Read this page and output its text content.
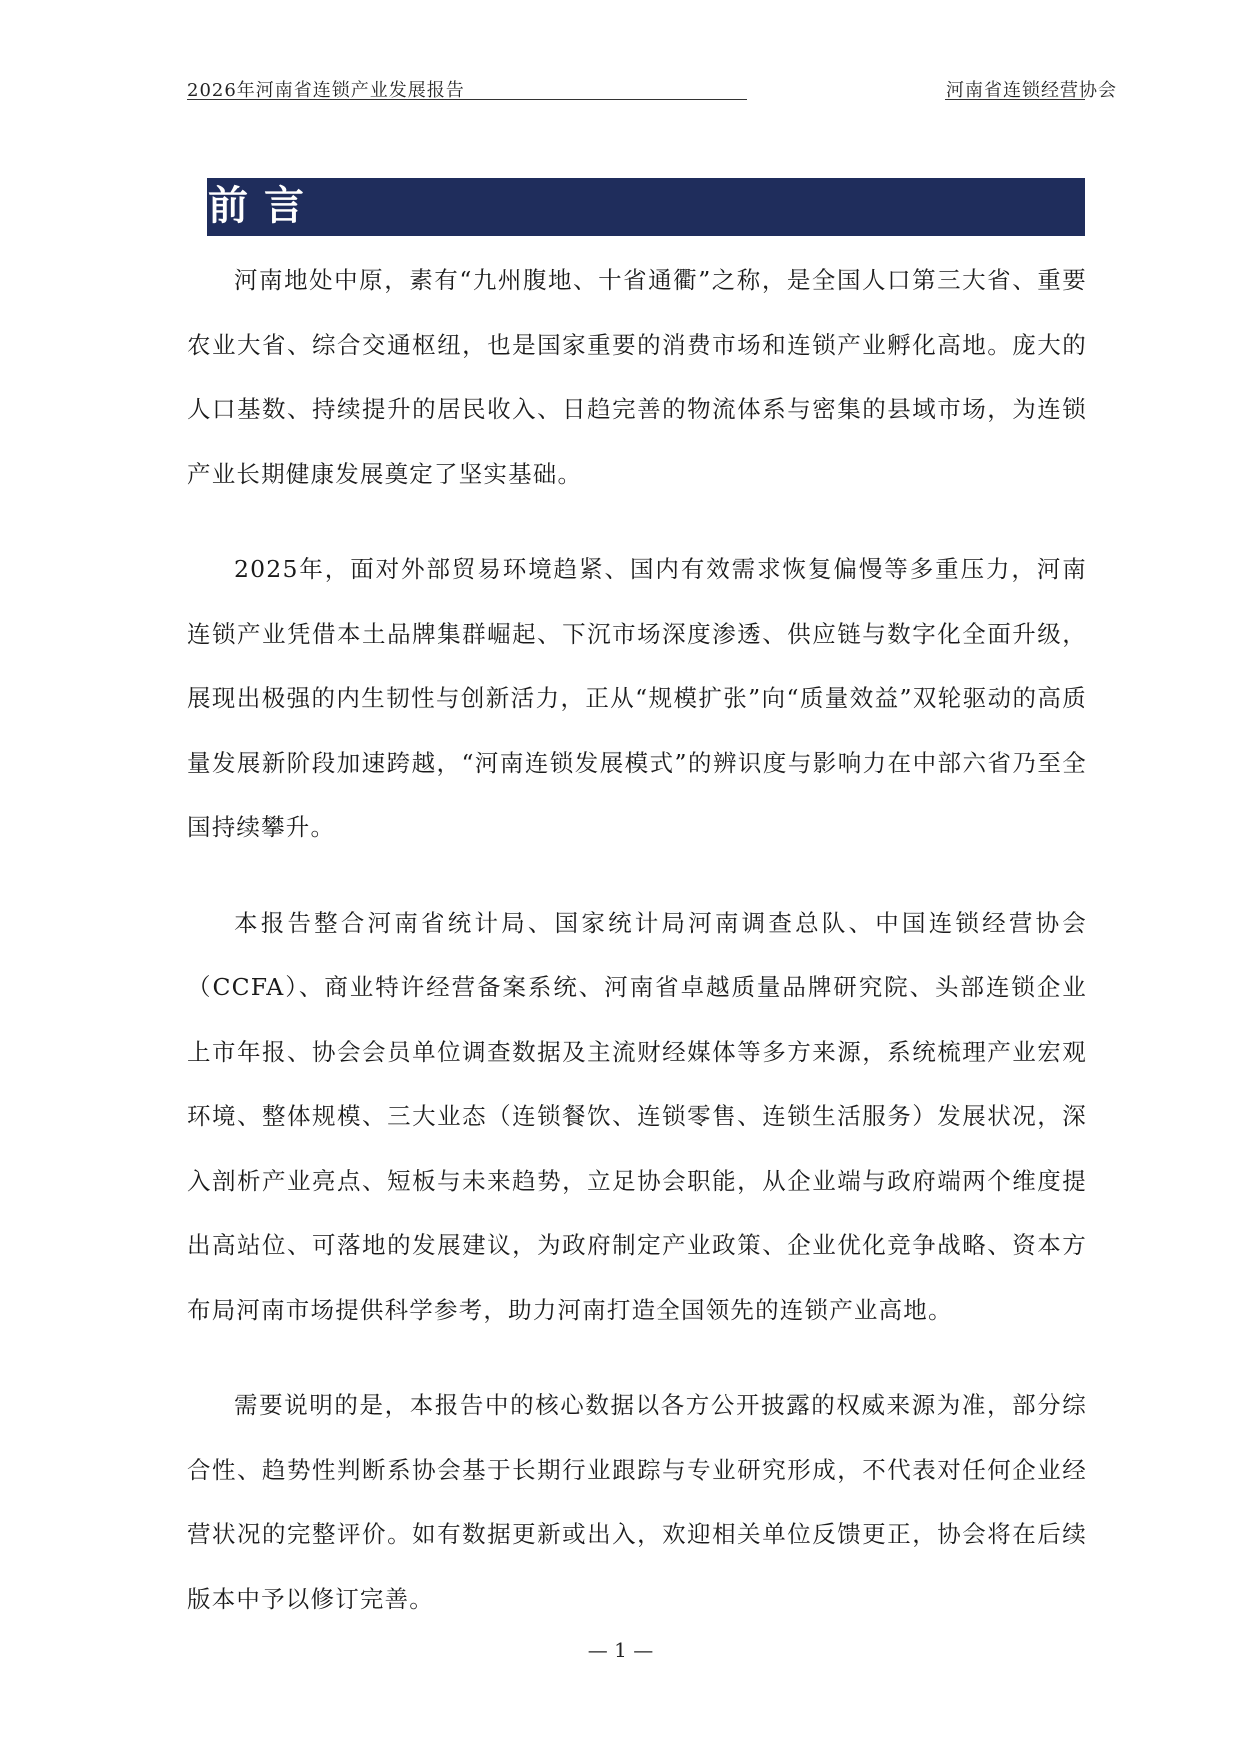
2026年河南省连锁产业发展报告	河南省连锁经营协会
前言

河南地处中原，素有“九州腹地、十省通衢”之称，是全国人口第三大省、重要农业大省、综合交通枢纽，也是国家重要的消费市场和连锁产业孵化高地。庞大的人口基数、持续提升的居民收入、日趋完善的物流体系与密集的县域市场，为连锁产业长期健康发展奠定了坚实基础。

2025年，面对外部贸易环境趋紧、国内有效需求恢复偏慢等多重压力，河南连锁产业凭借本土品牌集群崛起、下沉市场深度渗透、供应链与数字化全面升级，展现出极强的内生韧性与创新活力，正从“规模扩张”向“质量效益”双轮驱动的高质量发展新阶段加速跨越，“河南连锁发展模式”的辨识度与影响力在中部六省乃至全国持续攀升。

本报告整合河南省统计局、国家统计局河南调查总队、中国连锁经营协会（CCFA）、商业特许经营备案系统、河南省卓越质量品牌研究院、头部连锁企业上市年报、协会会员单位调查数据及主流财经媒体等多方来源，系统梳理产业宏观环境、整体规模、三大业态（连锁餐饮、连锁零售、连锁生活服务）发展状况，深入剖析产业亮点、短板与未来趋势，立足协会职能，从企业端与政府端两个维度提出高站位、可落地的发展建议，为政府制定产业政策、企业优化竞争战略、资本方布局河南市场提供科学参考，助力河南打造全国领先的连锁产业高地。

需要说明的是，本报告中的核心数据以各方公开披露的权威来源为准，部分综合性、趋势性判断系协会基于长期行业跟踪与专业研究形成，不代表对任何企业经营状况的完整评价。如有数据更新或出入，欢迎相关单位反馈更正，协会将在后续版本中予以修订完善。

— 1 —
